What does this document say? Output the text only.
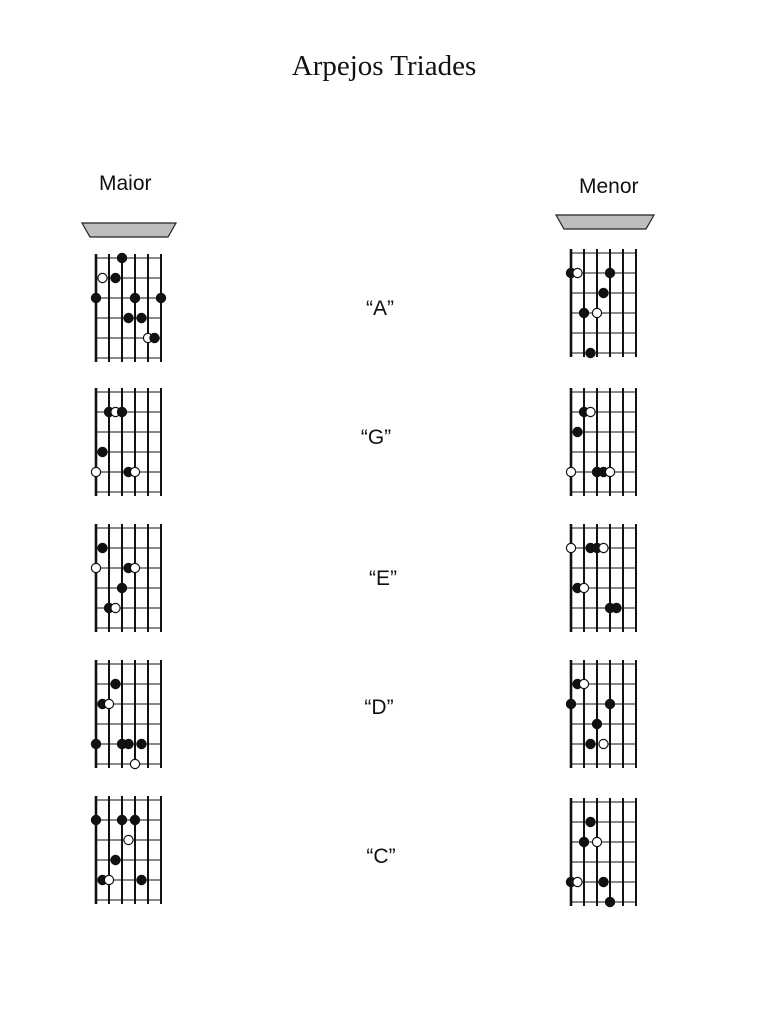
Arpejos Triades
Maior	Menor
“A”
“G”
“E”
“D”
“C”
